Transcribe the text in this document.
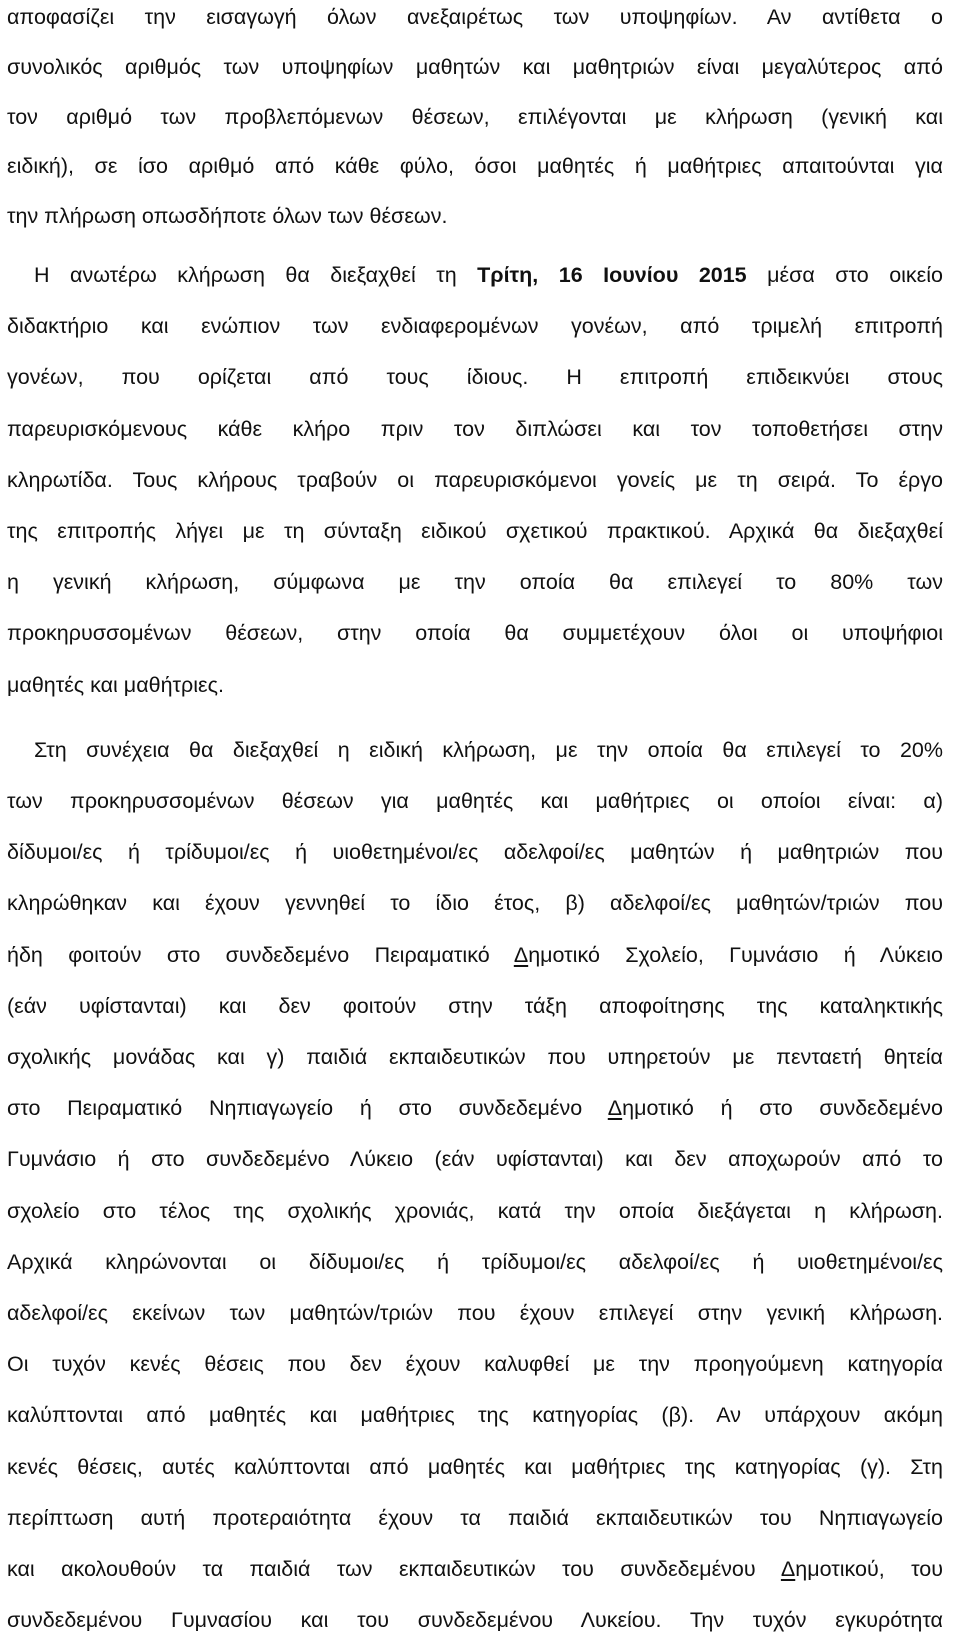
αποφασίζει την εισαγωγή όλων ανεξαιρέτως των υποψηφίων. Αν αντίθετα ο
συνολικός αριθμός των υποψηφίων μαθητών και μαθητριών είναι μεγαλύτερος από
τον αριθμό των προβλεπόμενων θέσεων, επιλέγονται με κλήρωση (γενική και
ειδική), σε ίσο αριθμό από κάθε φύλο, όσοι μαθητές ή μαθήτριες απαιτούνται για
την πλήρωση οπωσδήποτε όλων των θέσεων.
Η ανωτέρω κλήρωση θα διεξαχθεί τη Τρίτη, 16 Ιουνίου 2015 μέσα στο οικείο
διδακτήριο και ενώπιον των ενδιαφερομένων γονέων, από τριμελή επιτροπή
γονέων, που ορίζεται από τους ίδιους. Η επιτροπή επιδεικνύει στους
παρευρισκόμενους κάθε κλήρο πριν τον διπλώσει και τον τοποθετήσει στην
κληρωτίδα. Τους κλήρους τραβούν οι παρευρισκόμενοι γονείς με τη σειρά. Το έργο
της επιτροπής λήγει με τη σύνταξη ειδικού σχετικού πρακτικού. Αρχικά θα διεξαχθεί
η γενική κλήρωση, σύμφωνα με την οποία θα επιλεγεί το 80% των
προκηρυσσομένων θέσεων, στην οποία θα συμμετέχουν όλοι οι υποψήφιοι
μαθητές και μαθήτριες.
Στη συνέχεια θα διεξαχθεί η ειδική κλήρωση, με την οποία θα επιλεγεί το 20%
των προκηρυσσομένων θέσεων για μαθητές και μαθήτριες οι οποίοι είναι: α)
δίδυμοι/ες ή τρίδυμοι/ες ή υιοθετημένοι/ες αδελφοί/ες μαθητών ή μαθητριών που
κληρώθηκαν και έχουν γεννηθεί το ίδιο έτος, β) αδελφοί/ες μαθητών/τριών που
ήδη φοιτούν στο συνδεδεμένο Πειραματικό Δημοτικό Σχολείο, Γυμνάσιο ή Λύκειο
(εάν υφίστανται) και δεν φοιτούν στην τάξη αποφοίτησης της καταληκτικής
σχολικής μονάδας και γ) παιδιά εκπαιδευτικών που υπηρετούν με πενταετή θητεία
στο Πειραματικό Νηπιαγωγείο ή στο συνδεδεμένο Δημοτικό ή στο συνδεδεμένο
Γυμνάσιο ή στο συνδεδεμένο Λύκειο (εάν υφίστανται) και δεν αποχωρούν από το
σχολείο στο τέλος της σχολικής χρονιάς, κατά την οποία διεξάγεται η κλήρωση.
Αρχικά κληρώνονται οι δίδυμοι/ες ή τρίδυμοι/ες αδελφοί/ες ή υιοθετημένοι/ες
αδελφοί/ες εκείνων των μαθητών/τριών που έχουν επιλεγεί στην γενική κλήρωση.
Οι τυχόν κενές θέσεις που δεν έχουν καλυφθεί με την προηγούμενη κατηγορία
καλύπτονται από μαθητές και μαθήτριες της κατηγορίας (β). Αν υπάρχουν ακόμη
κενές θέσεις, αυτές καλύπτονται από μαθητές και μαθήτριες της κατηγορίας (γ). Στη
περίπτωση αυτή προτεραιότητα έχουν τα παιδιά εκπαιδευτικών του Νηπιαγωγείο
και ακολουθούν τα παιδιά των εκπαιδευτικών του συνδεδεμένου Δημοτικού, του
συνδεδεμένου Γυμνασίου και του συνδεδεμένου Λυκείου. Την τυχόν εγκυρότητα
